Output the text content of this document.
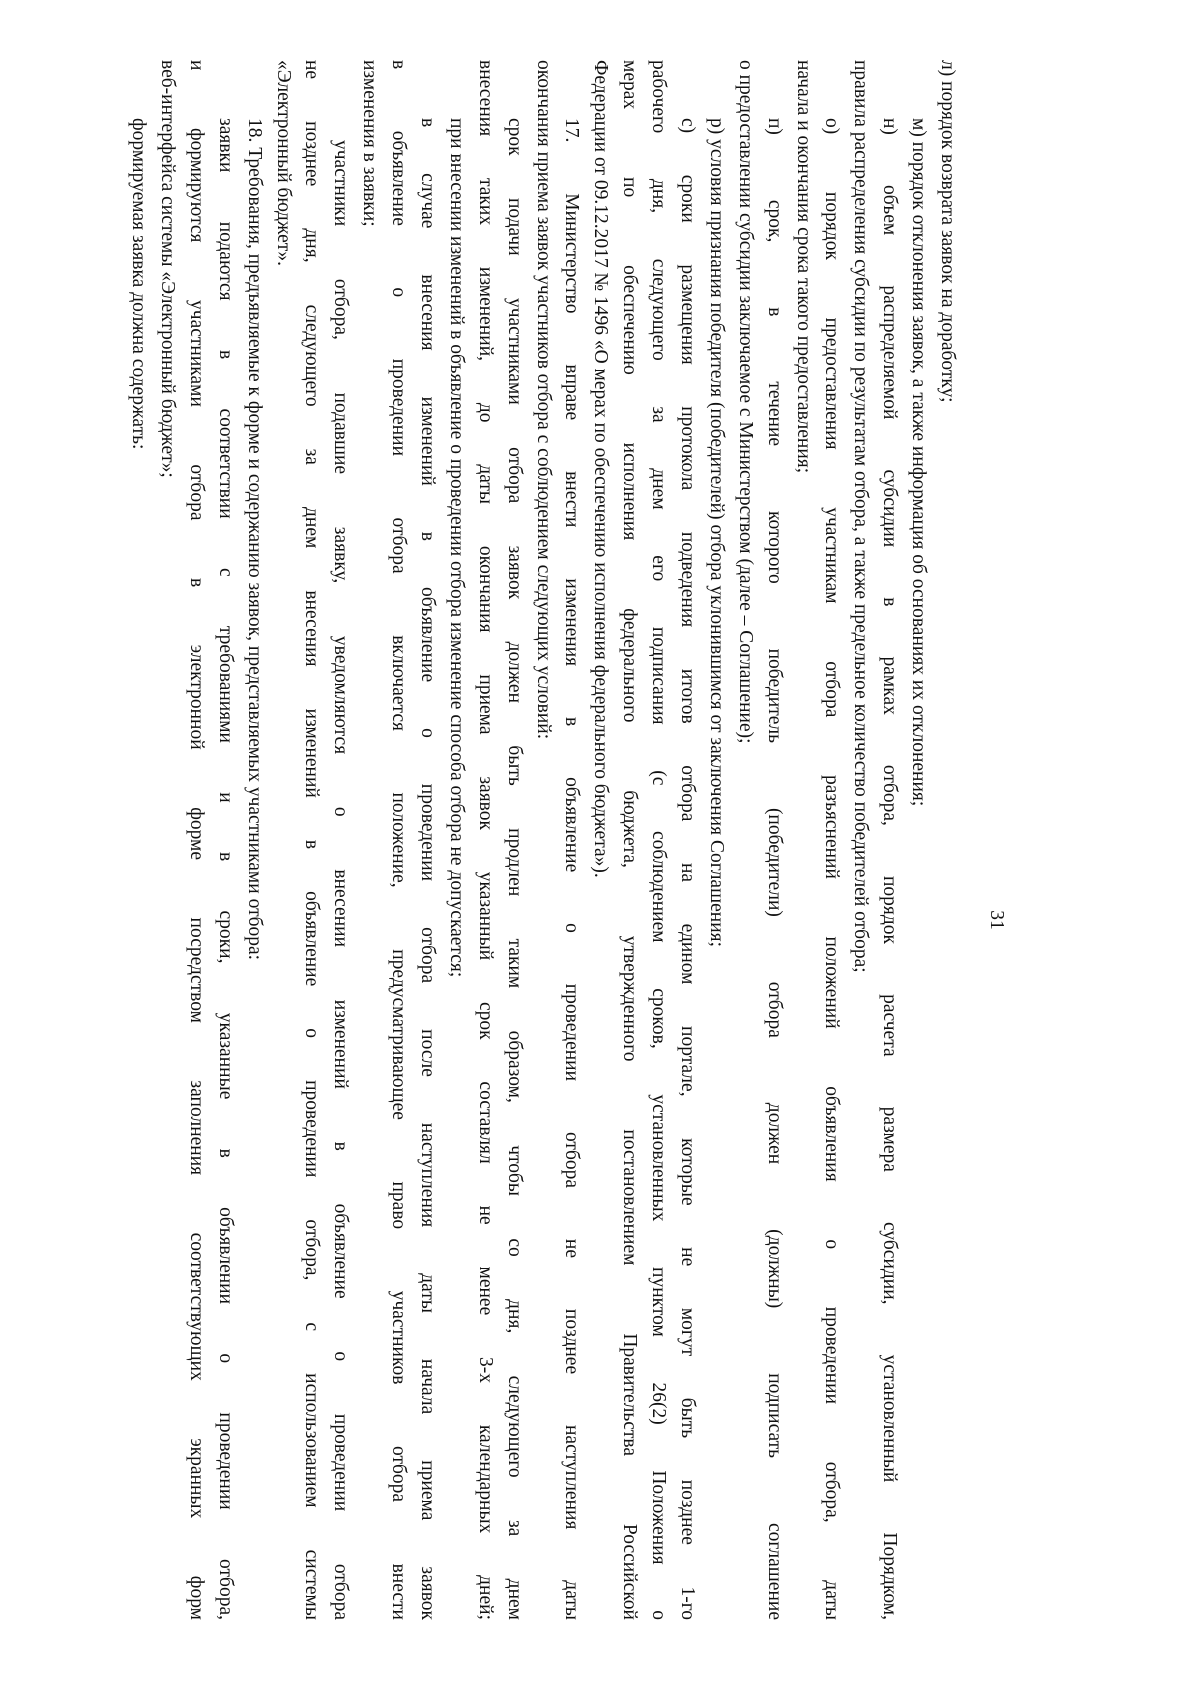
31
л) порядок возврата заявок на доработку;
м) порядок отклонения заявок, а также информация об основаниях их отклонения;
н) объем распределяемой субсидии в рамках отбора, порядок расчета размера субсидии, установленный Порядком,
правила распределения субсидии по результатам отбора, а также предельное количество победителей отбора;
о) порядок предоставления участникам отбора разъяснений положений объявления о проведении отбора, даты
начала и окончания срока такого предоставления;
п) срок, в течение которого победитель (победители) отбора должен (должны) подписать соглашение
о предоставлении субсидии заключаемое с Министерством (далее – Соглашение);
р) условия признания победителя (победителей) отбора уклонившимся от заключения Соглашения;
с) сроки размещения протокола подведения итогов отбора на едином портале, которые не могут быть позднее 1-го
рабочего дня, следующего за днем его подписания (с соблюдением сроков, установленных пунктом 26(2) Положения о
мерах по обеспечению исполнения федерального бюджета, утвержденного постановлением Правительства Российской
Федерации от 09.12.2017 № 1496 «О мерах по обеспечению исполнения федерального бюджета»).
17. Министерство вправе внести изменения в объявление о проведении отбора не позднее наступления даты
окончания приема заявок участников отбора с соблюдением следующих условий:
срок подачи участниками отбора заявок должен быть продлен таким образом, чтобы со дня, следующего за днем
внесения таких изменений, до даты окончания приема заявок указанный срок составлял не менее 3-х календарных дней;
при внесении изменений в объявление о проведении отбора изменение способа отбора не допускается;
в случае внесения изменений в объявление о проведении отбора после наступления даты начала приема заявок
в объявление о проведении отбора включается положение, предусматривающее право участников отбора внести
изменения в заявки;
участники отбора, подавшие заявку, уведомляются о внесении изменений в объявление о проведении отбора
не позднее дня, следующего за днем внесения изменений в объявление о проведении отбора, с использованием системы
«Электронный бюджет».
18. Требования, предъявляемые к форме и содержанию заявок, представляемых участниками отбора:
заявки подаются в соответствии с требованиями и в сроки, указанные в объявлении о проведении отбора,
и формируются участниками отбора в электронной форме посредством заполнения соответствующих экранных форм
веб-интерфейса системы «Электронный бюджет»;
формируемая заявка должна содержать:
